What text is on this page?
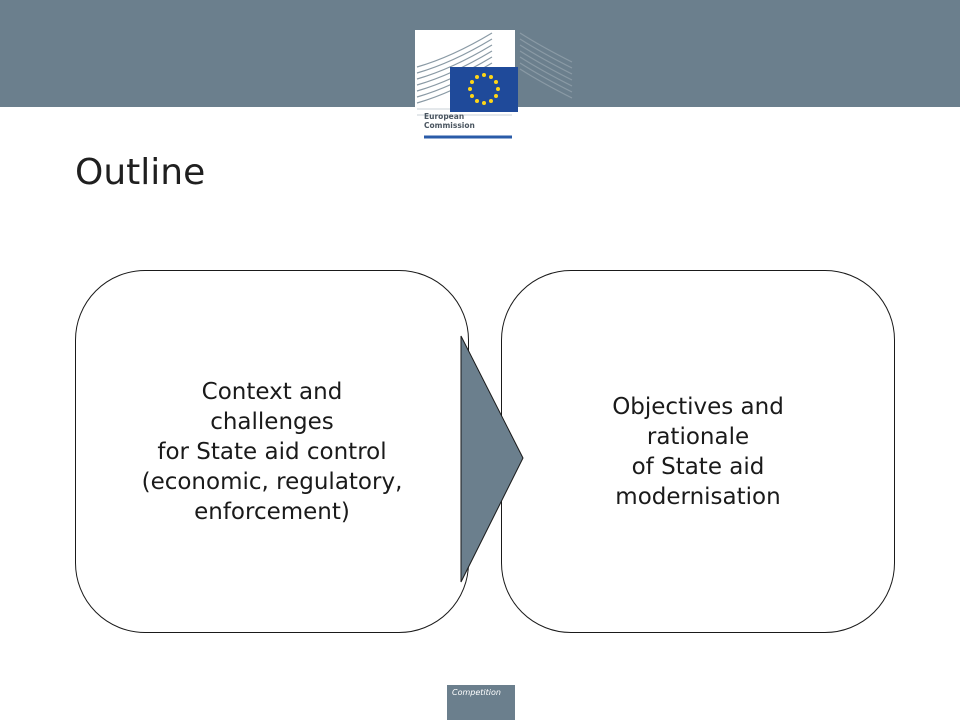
European
Commission
Outline
Context and
challenges
for State aid control
(economic, regulatory,
enforcement)
Objectives and
rationale
of State aid
modernisation
Competition
